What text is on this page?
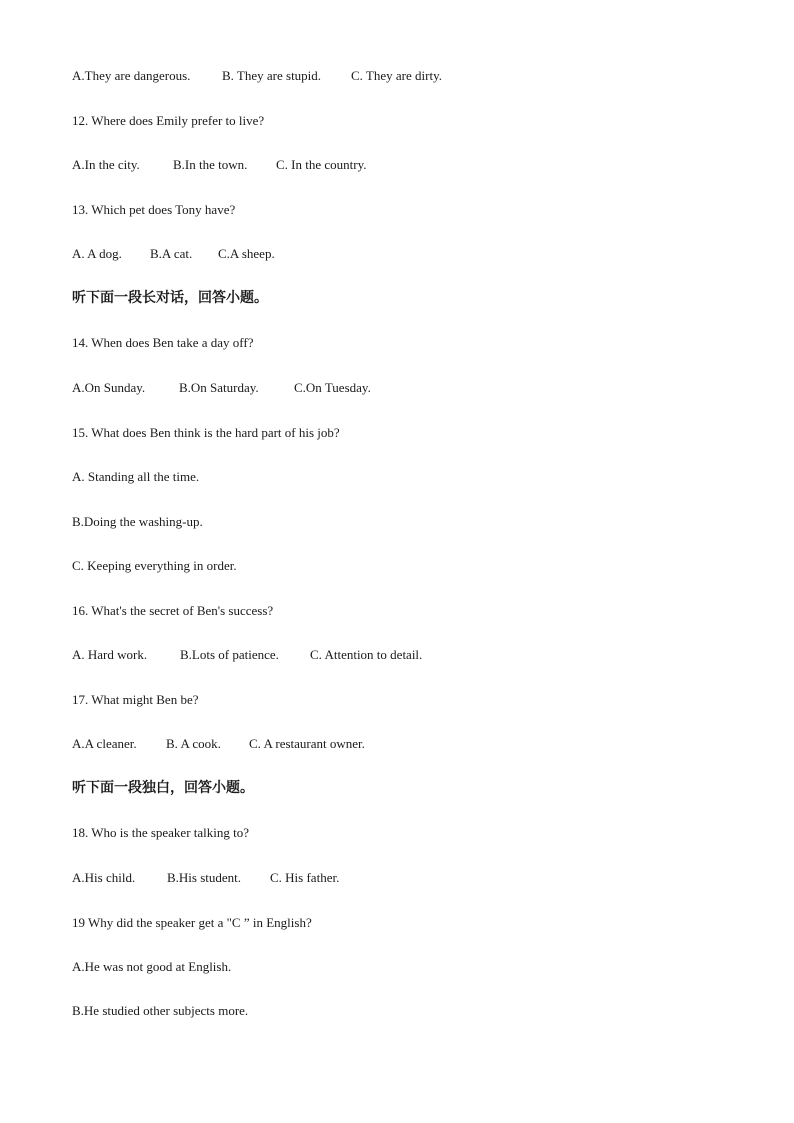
A.They are dangerous.	B. They are stupid.	C. They are dirty.
12. Where does Emily prefer to live?
A.In the city.	B.In the town.	C. In the country.
13. Which pet does Tony have?
A. A dog.	B.A cat.	C.A sheep.
听下面一段长对话，回答小题。
14. When does Ben take a day off?
A.On Sunday.	B.On Saturday.	C.On Tuesday.
15. What does Ben think is the hard part of his job?
A. Standing all the time.
B.Doing the washing-up.
C. Keeping everything in order.
16. What's the secret of Ben's success?
A. Hard work.	B.Lots of patience.	C. Attention to detail.
17. What might Ben be?
A.A cleaner.	B. A cook.	C. A restaurant owner.
听下面一段独白，回答小题。
18. Who is the speaker talking to?
A.His child.	B.His student.	C. His father.
19 Why did the speaker get a "C ” in English?
A.He was not good at English.
B.He studied other subjects more.
